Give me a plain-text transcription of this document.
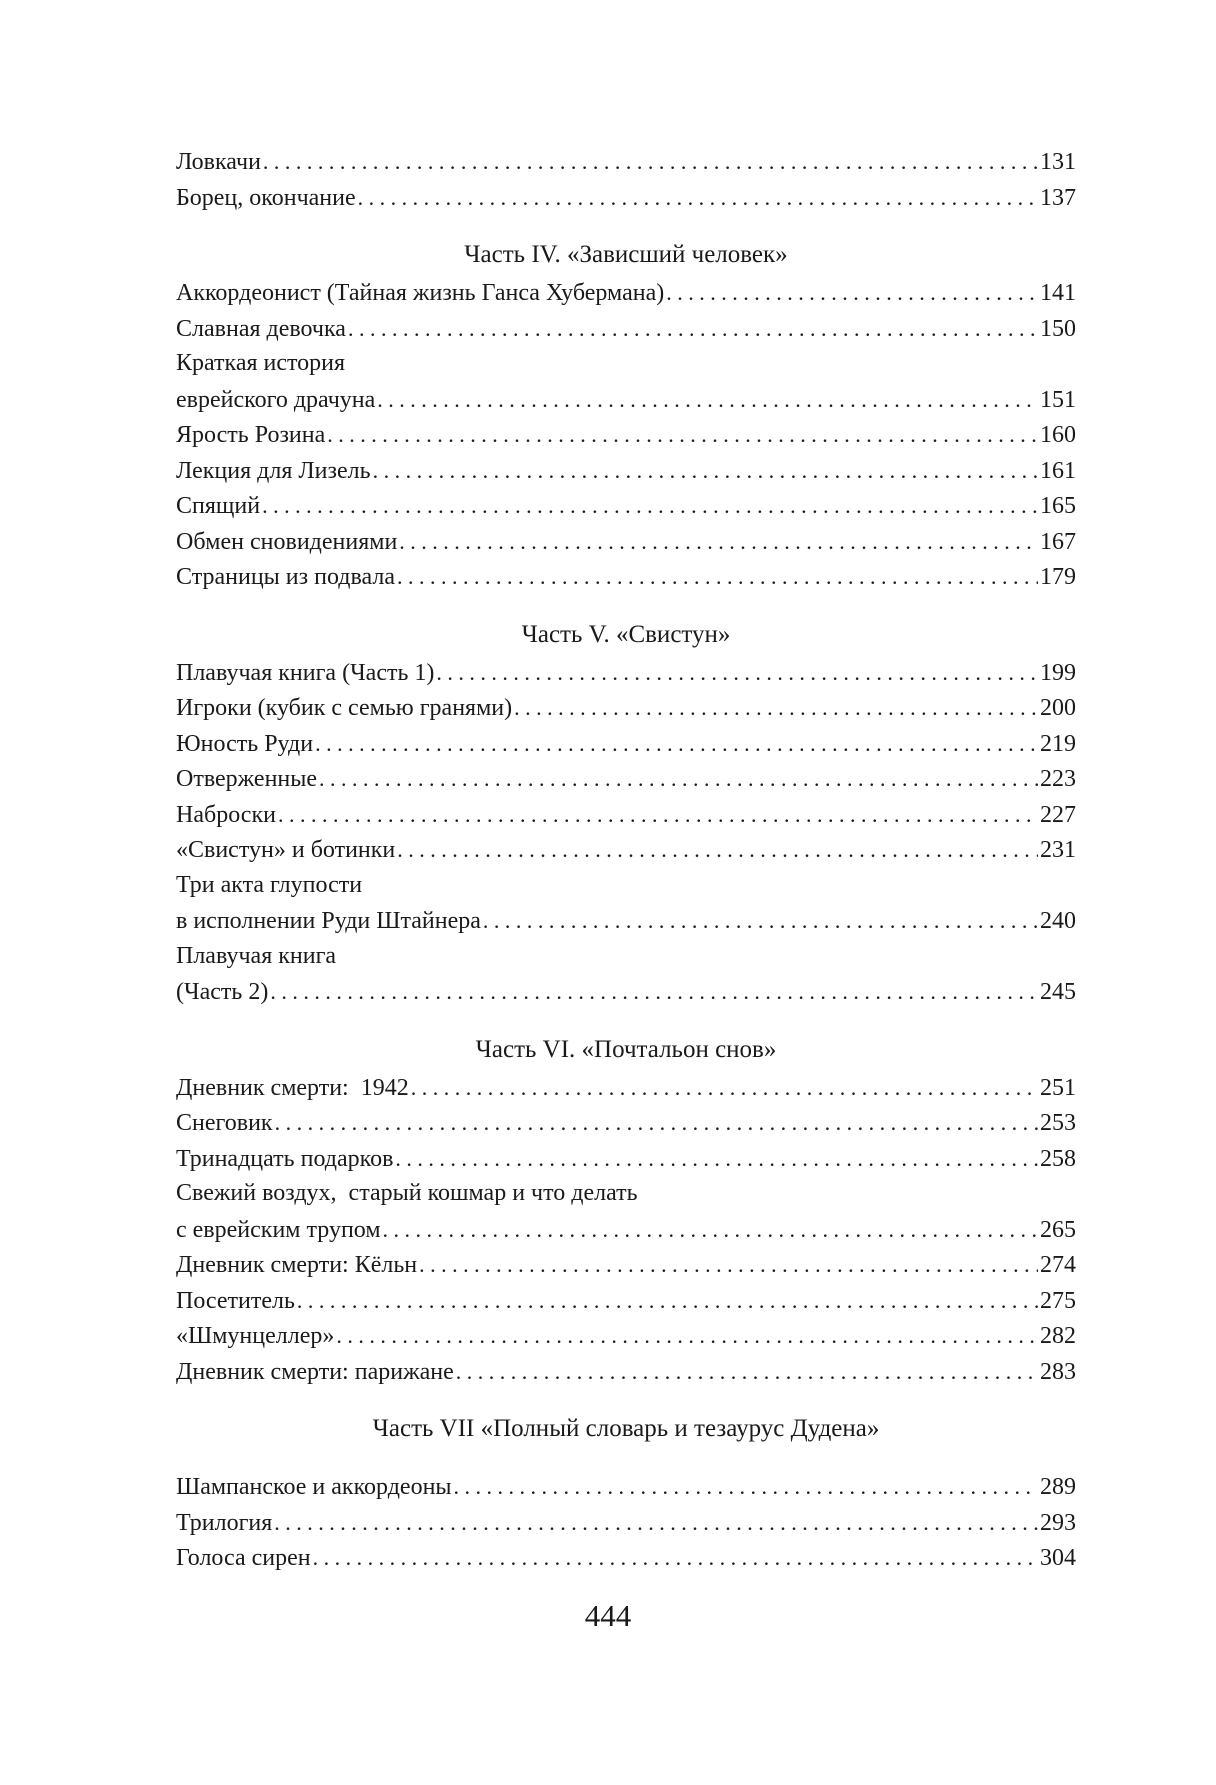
Ловкачи . . .	131
Борец, окончание . . .	137
Часть IV. «Зависший человек»
Аккордеонист (Тайная жизнь Ганса Хубермана) . . .	141
Славная девочка . . .	150
Краткая история
еврейского драчуна . . .	151
Ярость Розина . . .	160
Лекция для Лизель . . .	161
Спящий . . .	165
Обмен сновидениями . . .	167
Страницы из подвала . . .	179
Часть V. «Свистун»
Плавучая книга (Часть 1) . . .	199
Игроки (кубик с семью гранями) . . .	200
Юность Руди . . .	219
Отверженные . . .	223
Наброски . . .	227
«Свистун» и ботинки . . .	231
Три акта глупости
в исполнении Руди Штайнера . . .	240
Плавучая книга
(Часть 2) . . .	245
Часть VI. «Почтальон снов»
Дневник смерти:  1942 . . .	251
Снеговик . . .	253
Тринадцать подарков . . .	258
Свежий воздух,  старый кошмар и что делать
с еврейским трупом . . .	265
Дневник смерти: Кёльн . . .	274
Посетитель . . .	275
«Шмунцеллер» . . .	282
Дневник смерти: парижане . . .	283
Часть VII «Полный словарь и тезаурус Дудена»
Шампанское и аккордеоны . . .	289
Трилогия . . .	293
Голоса сирен . . .	304
444
